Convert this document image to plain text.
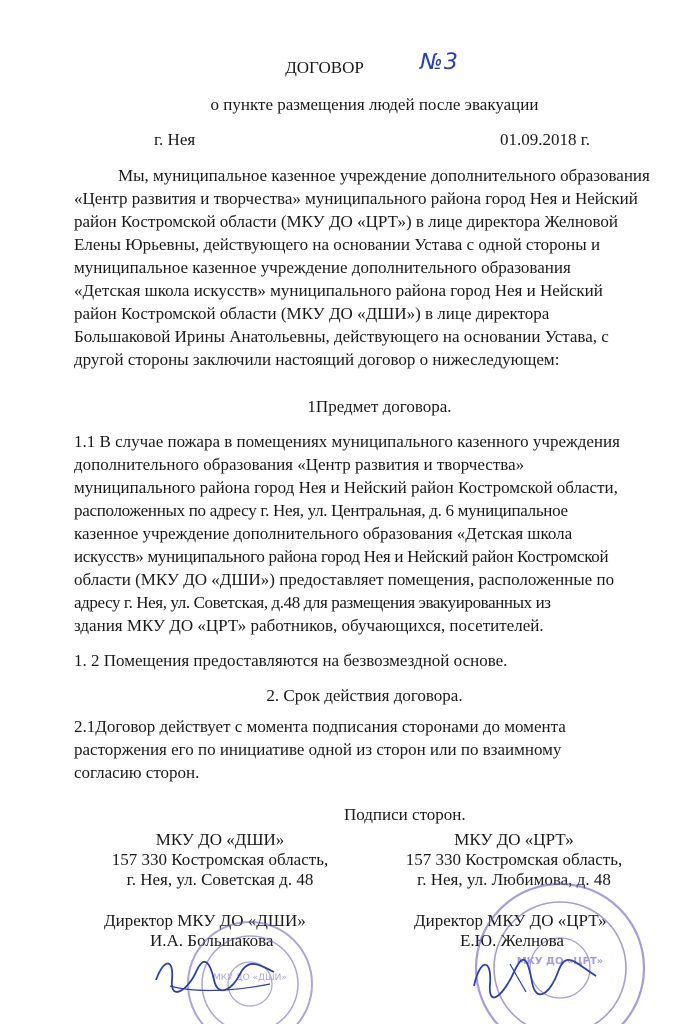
ДОГОВОР	№3
о пункте размещения людей после эвакуации
г. Нея	01.09.2018 г.
Мы, муниципальное казенное учреждение дополнительного образования
«Центр развития и творчества» муниципального района город Нея и Нейский
район Костромской области (МКУ ДО «ЦРТ») в лице директора Желновой
Елены Юрьевны, действующего на основании Устава с одной стороны и
муниципальное казенное учреждение дополнительного образования
«Детская школа искусств» муниципального района город Нея и Нейский
район Костромской области (МКУ ДО «ДШИ») в лице директора
Большаковой Ирины Анатольевны, действующего на основании Устава, с
другой стороны заключили настоящий договор о нижеследующем:
1Предмет договора.
1.1 В случае пожара в помещениях муниципального казенного учреждения
дополнительного образования «Центр развития и творчества»
муниципального района город Нея и Нейский район Костромской области,
расположенных по адресу г. Нея, ул. Центральная, д. 6 муниципальное
казенное учреждение дополнительного образования «Детская школа
искусств» муниципального района город Нея и Нейский район Костромской
области (МКУ ДО «ДШИ») предоставляет помещения, расположенные по
адресу г. Нея, ул. Советская, д.48 для размещения эвакуированных из
здания МКУ ДО «ЦРТ» работников, обучающихся, посетителей.
1. 2 Помещения предоставляются на безвозмездной основе.
2. Срок действия договора.
2.1Договор действует с момента подписания сторонами до момента
расторжения его по инициативе одной из сторон или по взаимному
согласию сторон.
Подписи сторон.
МКУ ДО «ДШИ»
157 330 Костромская область,
г. Нея, ул. Советская д. 48
Директор МКУ ДО «ДШИ»
И.А. Большакова
МКУ ДО «ЦРТ»
157 330 Костромская область,
г. Нея, ул. Любимова, д. 48
Директор МКУ ДО «ЦРТ»
Е.Ю. Желнова
МКУ ДО «ДШИ»
МКУ ДО «ЦРТ»
